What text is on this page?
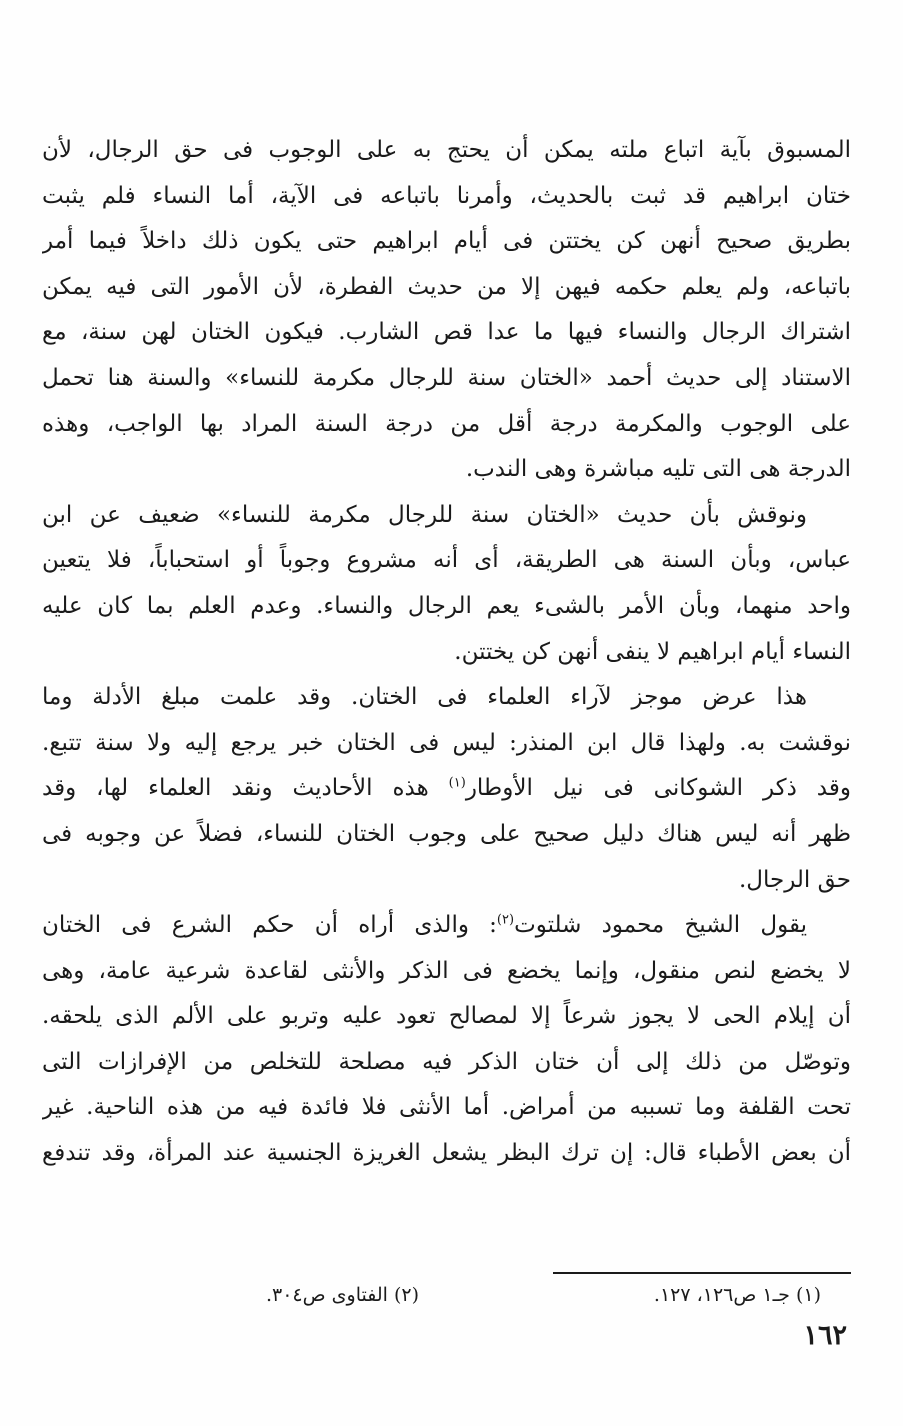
المسبوق بآية اتباع ملته يمكن أن يحتج به على الوجوب فى حق الرجال، لأن
ختان ابراهيم قد ثبت بالحديث، وأمرنا باتباعه فى الآية، أما النساء فلم يثبت
بطريق صحيح أنهن كن يختتن فى أيام ابراهيم حتى يكون ذلك داخلاً فيما أمر
باتباعه، ولم يعلم حكمه فيهن إلا من حديث الفطرة، لأن الأمور التى فيه يمكن
اشتراك الرجال والنساء فيها ما عدا قص الشارب. فيكون الختان لهن سنة، مع
الاستناد إلى حديث أحمد «الختان سنة للرجال مكرمة للنساء» والسنة هنا تحمل
على الوجوب والمكرمة درجة أقل من درجة السنة المراد بها الواجب، وهذه
الدرجة هى التى تليه مباشرة وهى الندب.
ونوقش بأن حديث «الختان سنة للرجال مكرمة للنساء» ضعيف عن ابن
عباس، وبأن السنة هى الطريقة، أى أنه مشروع وجوباً أو استحباباً، فلا يتعين
واحد منهما، وبأن الأمر بالشىء يعم الرجال والنساء. وعدم العلم بما كان عليه
النساء أيام ابراهيم لا ينفى أنهن كن يختتن.
هذا عرض موجز لآراء العلماء فى الختان. وقد علمت مبلغ الأدلة وما
نوقشت به. ولهذا قال ابن المنذر: ليس فى الختان خبر يرجع إليه ولا سنة تتبع.
وقد ذكر الشوكانى فى نيل الأوطار$^{(١)}$ هذه الأحاديث ونقد العلماء لها، وقد
ظهر أنه ليس هناك دليل صحيح على وجوب الختان للنساء، فضلاً عن وجوبه فى
حق الرجال.
يقول الشيخ محمود شلتوت$^{(٢)}$: والذى أراه أن حكم الشرع فى الختان
لا يخضع لنص منقول، وإنما يخضع فى الذكر والأنثى لقاعدة شرعية عامة، وهى
أن إيلام الحى لا يجوز شرعاً إلا لمصالح تعود عليه وتربو على الألم الذى يلحقه.
وتوصّل من ذلك إلى أن ختان الذكر فيه مصلحة للتخلص من الإفرازات التى
تحت القلفة وما تسببه من أمراض. أما الأنثى فلا فائدة فيه من هذه الناحية. غير
أن بعض الأطباء قال: إن ترك البظر يشعل الغريزة الجنسية عند المرأة، وقد تندفع
(١) جـ١ ص١٢٦، ١٢٧.
(٢) الفتاوى ص٣٠٤.
١٦٢
